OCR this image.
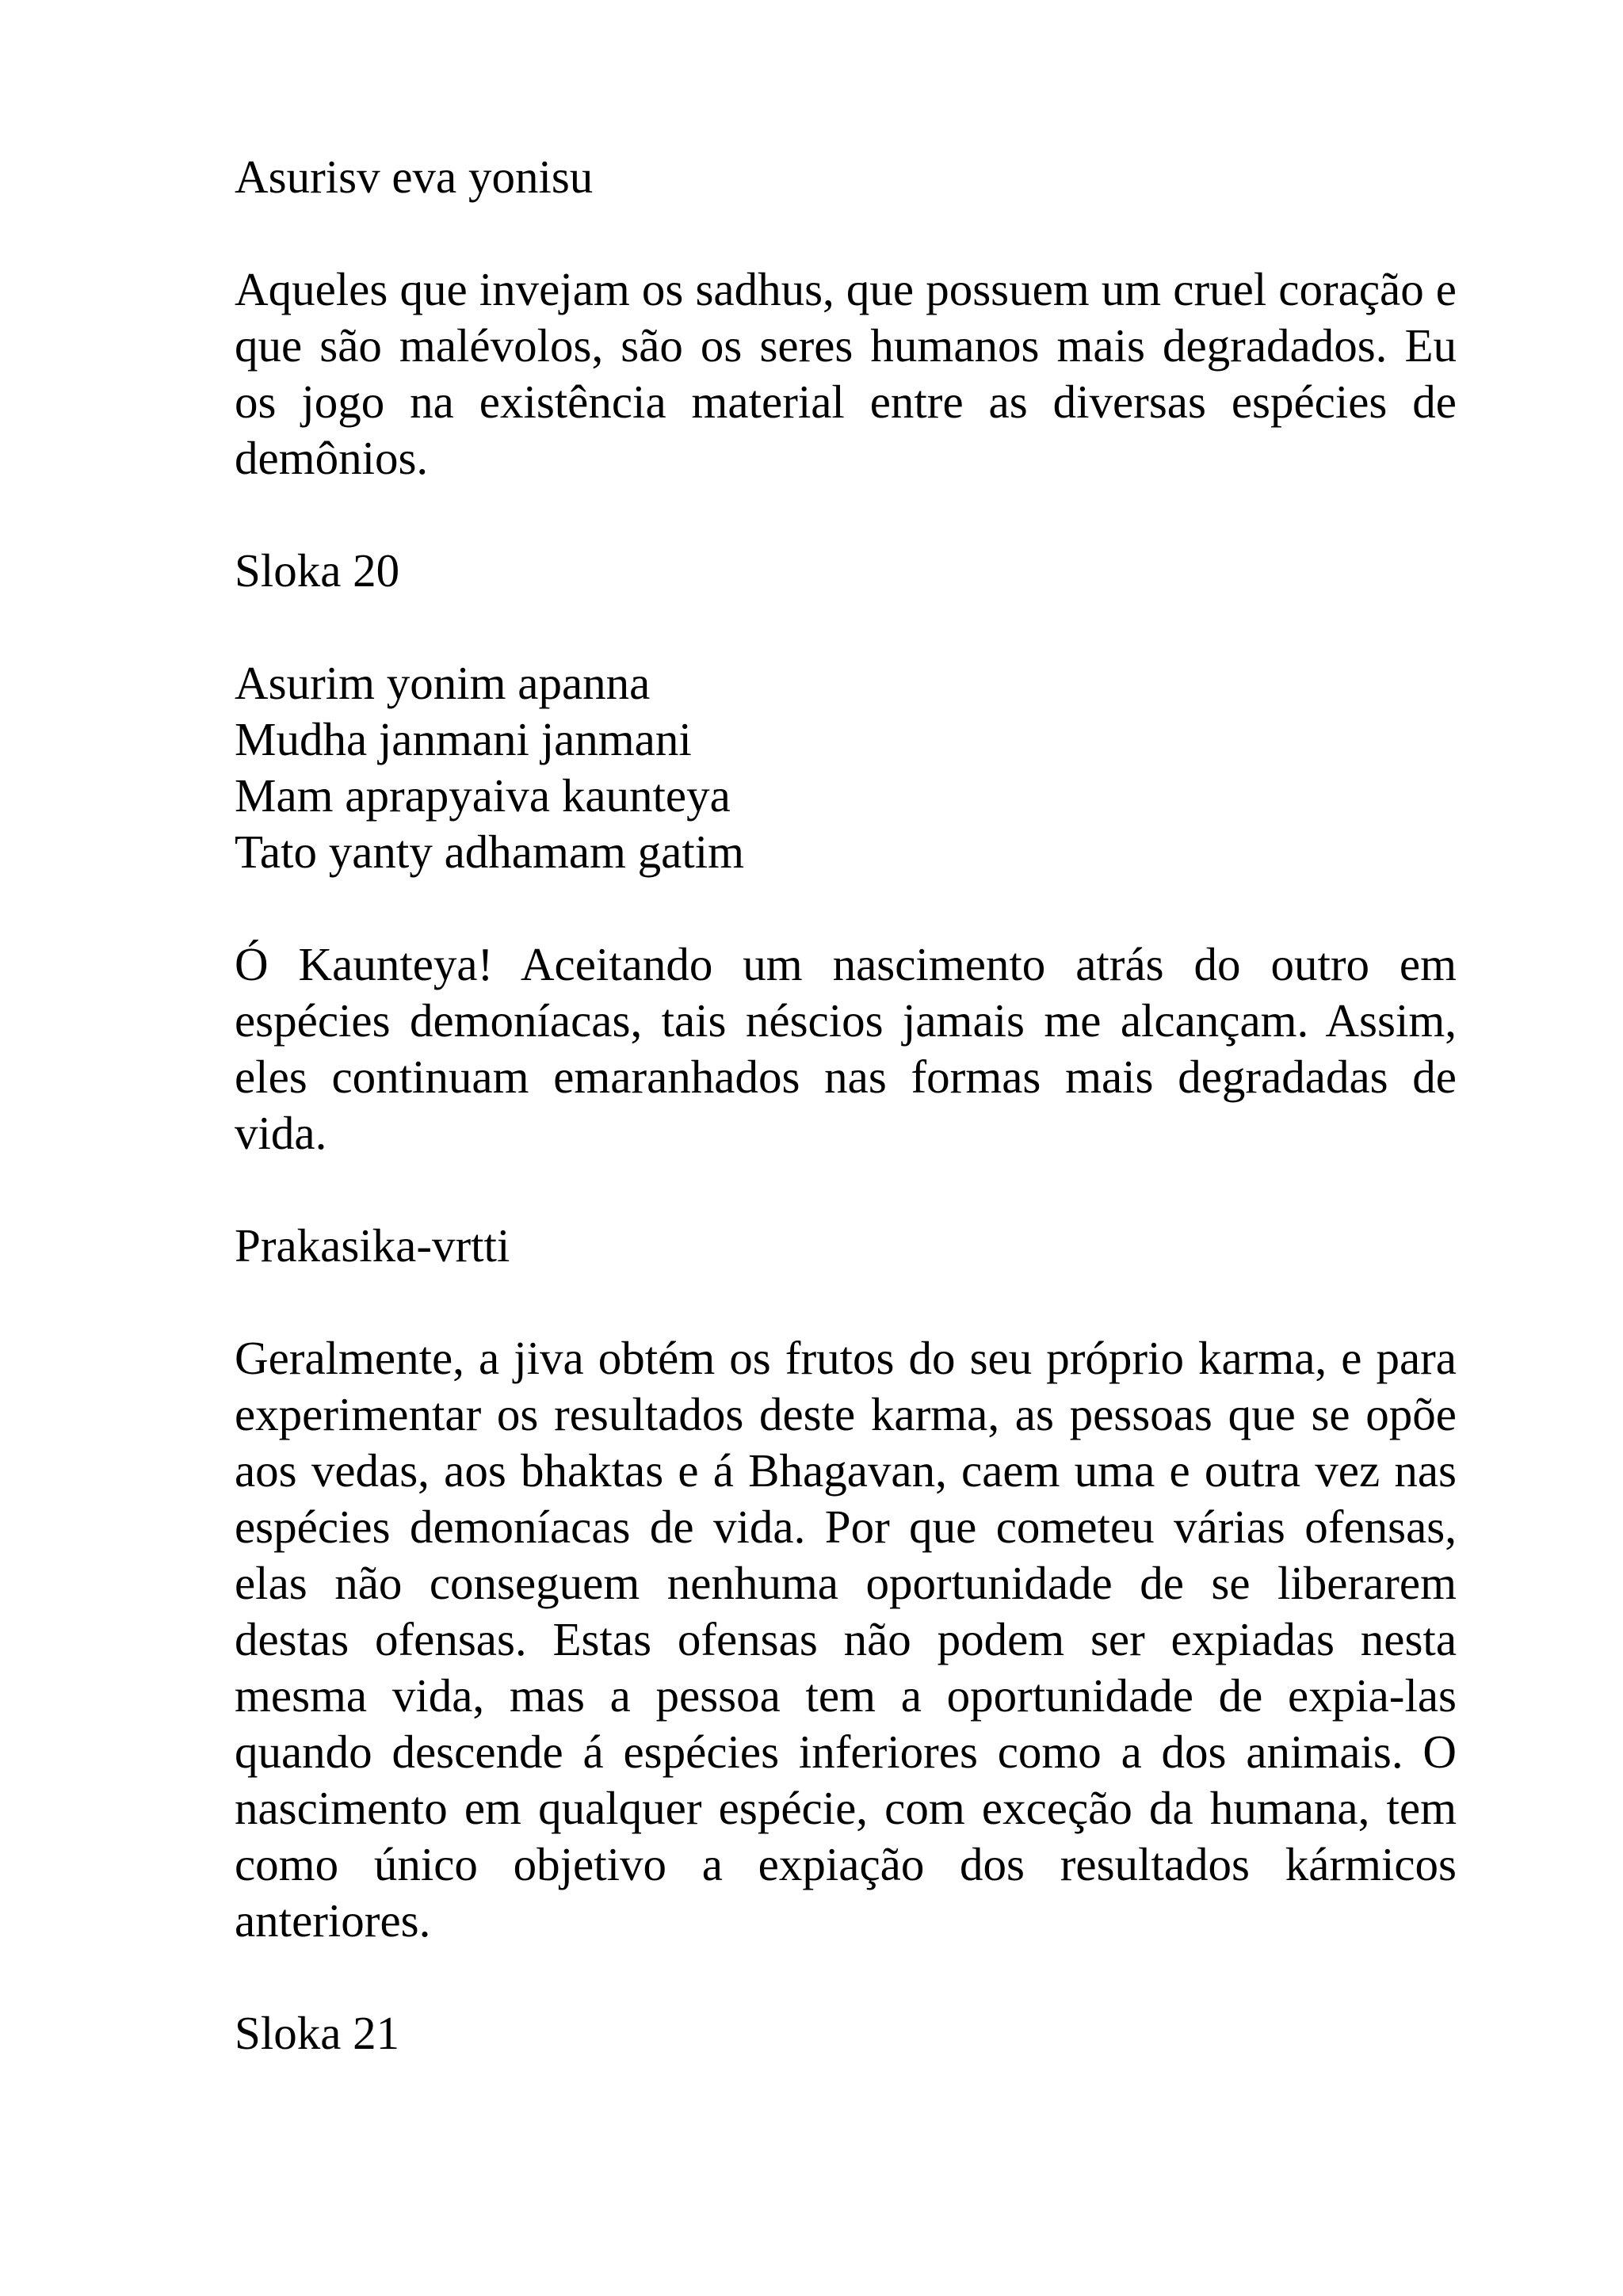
Asurisv eva yonisu
Aqueles que invejam os sadhus, que possuem um cruel coração e que são malévolos, são os seres humanos mais degradados. Eu os jogo na existência material entre as diversas espécies de demônios.
Sloka 20
Asurim yonim apanna
Mudha janmani janmani
Mam aprapyaiva kaunteya
Tato yanty adhamam gatim
Ó Kaunteya! Aceitando um nascimento atrás do outro em espécies demoníacas, tais néscios jamais me alcançam. Assim, eles continuam emaranhados nas formas mais degradadas de vida.
Prakasika-vrtti
Geralmente, a jiva obtém os frutos do seu próprio karma, e para experimentar os resultados deste karma, as pessoas que se opõe aos vedas, aos bhaktas e á Bhagavan, caem uma e outra vez nas espécies demoníacas de vida. Por que cometeu várias ofensas, elas não conseguem nenhuma oportunidade de se liberarem destas ofensas. Estas ofensas não podem ser expiadas nesta mesma vida, mas a pessoa tem a oportunidade de expia-las quando descende á espécies inferiores como a dos animais. O nascimento em qualquer espécie, com exceção da humana, tem como único objetivo a expiação dos resultados kármicos anteriores.
Sloka 21
